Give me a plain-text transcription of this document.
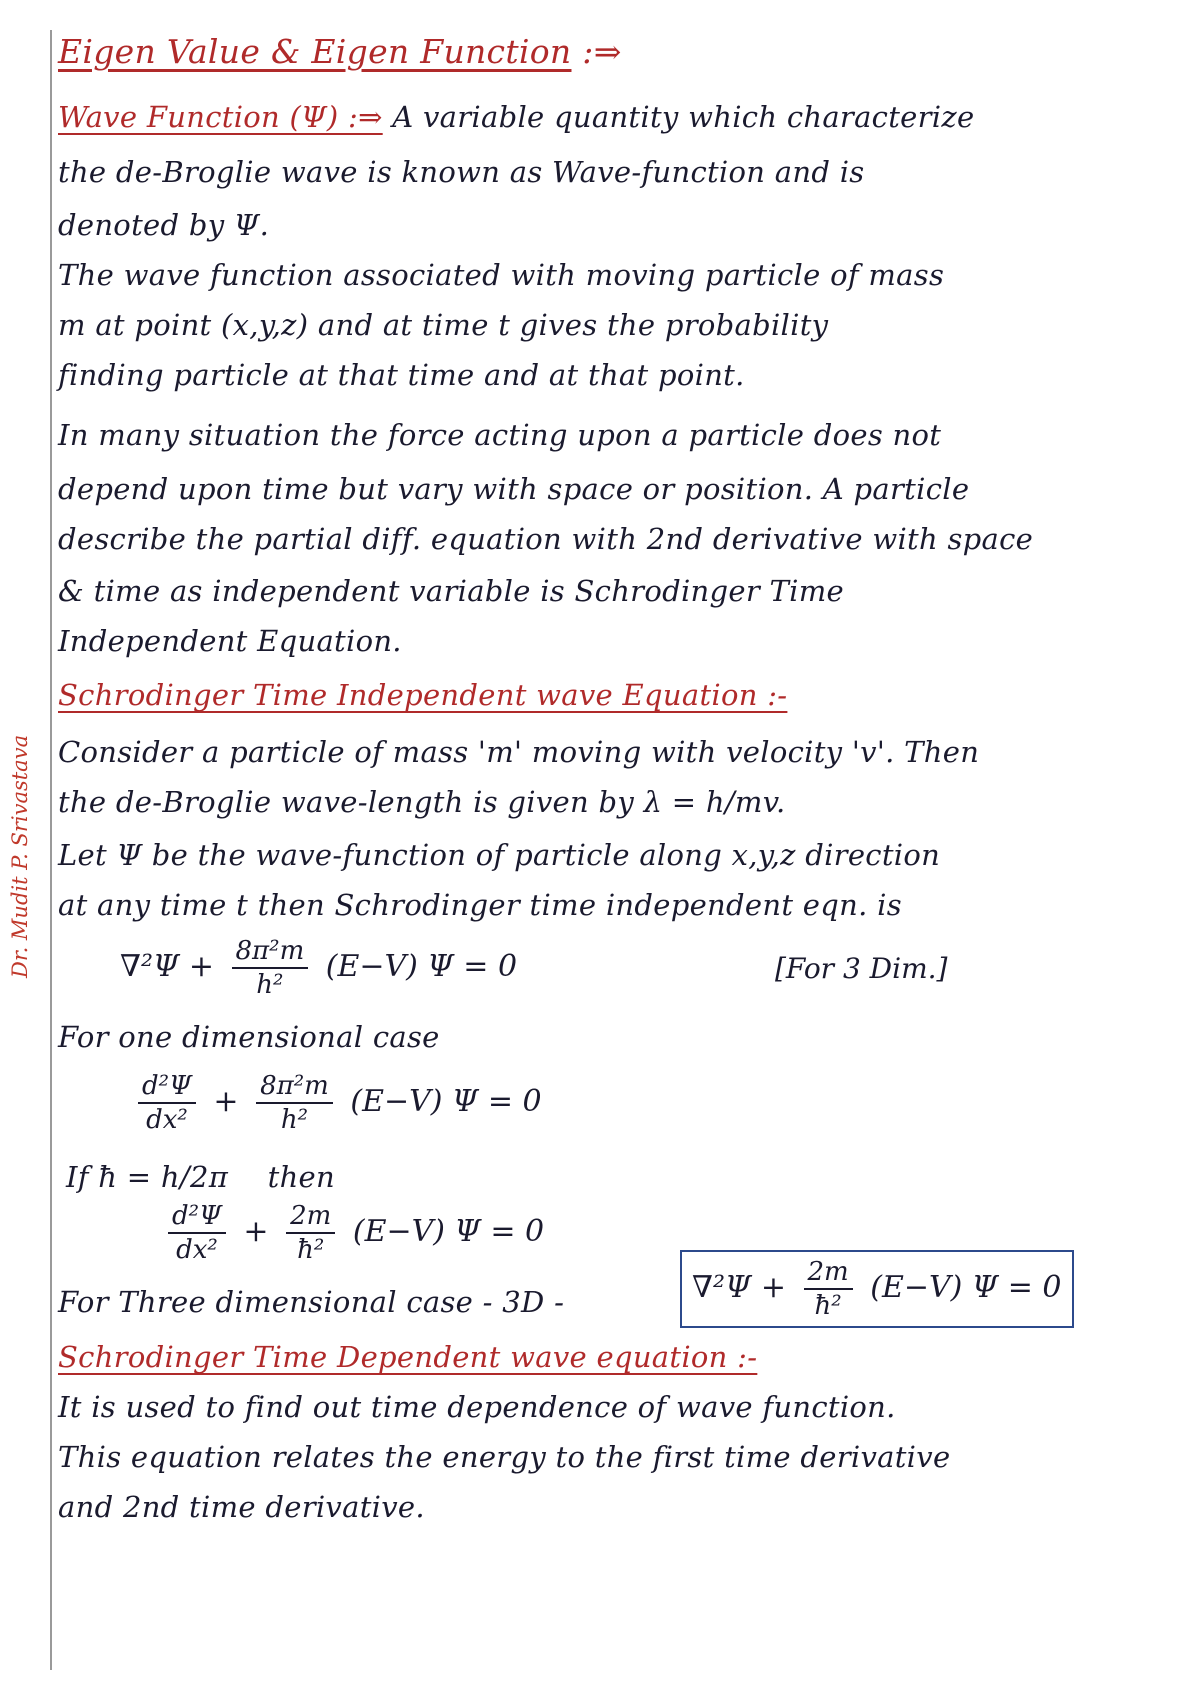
Dr. Mudit P. Srivastava
Eigen Value & Eigen Function :⇒
Wave Function (Ψ) :⇒ A variable quantity which characterize
the de-Broglie wave is known as Wave-function and is
denoted by Ψ.
The wave function associated with moving particle of mass
m at point (x,y,z) and at time t gives the probability
finding particle at that time and at that point.
In many situation the force acting upon a particle does not
depend upon time but vary with space or position. A particle
describe the partial diff. equation with 2nd derivative with space
& time as independent variable is Schrodinger Time
Independent Equation.
Schrodinger Time Independent wave Equation :-
Consider a particle of mass 'm' moving with velocity 'v'. Then
the de-Broglie wave-length is given by λ = h/mv.
Let Ψ be the wave-function of particle along x,y,z direction
at any time t then Schrodinger time independent eqn. is
$\nabla^2\Psi + \frac{\text{8π²m}}{\text{h²}} (E-V) \Psi = 0$	[For 3 Dim.]
For one dimensional case
$\frac{\text{d²Ψ}}{\text{dx²}} + \frac{\text{8π²m}}{\text{h²}} (E-V) \Psi = 0$
If ħ = h/2π then
$\frac{\text{d²Ψ}}{\text{dx²}} + \frac{2m}{\text{ħ²}} (E-V) \Psi = 0$
For Three dimensional case - 3D -	$\nabla^2\Psi + \frac{2m}{\text{ħ²}} (E-V) \Psi = 0$
Schrodinger Time Dependent wave equation :-
It is used to find out time dependence of wave function.
This equation relates the energy to the first time derivative
and 2nd time derivative.
